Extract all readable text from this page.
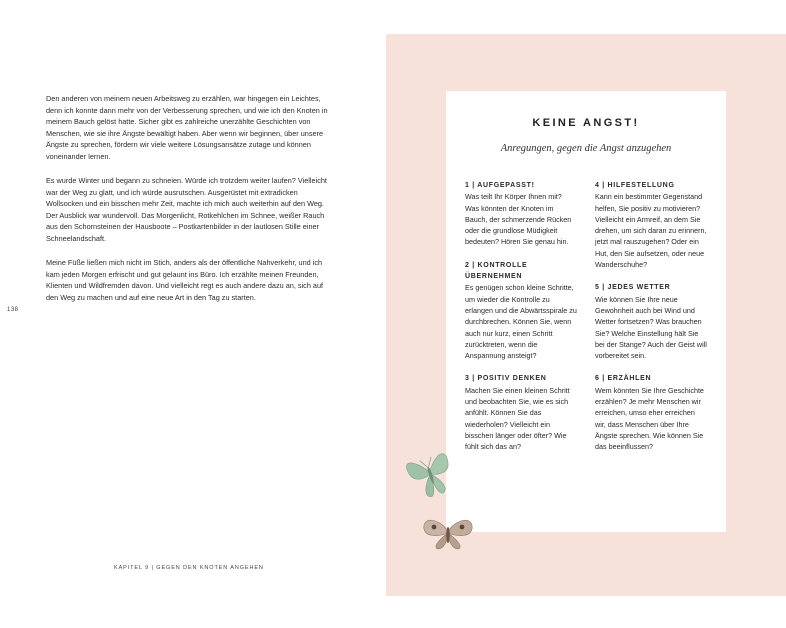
Den anderen von meinem neuen Arbeitsweg zu erzählen, war hingegen ein Leichtes, denn ich konnte dann mehr von der Verbesserung sprechen, und wie ich den Knoten in meinem Bauch gelöst hatte. Sicher gibt es zahlreiche unerzählte Geschichten von Menschen, wie sie ihre Ängste bewältigt haben. Aber wenn wir beginnen, über unsere Ängste zu sprechen, fördern wir viele weitere Lösungsansätze zutage und können voneinander lernen.

Es wurde Winter und begann zu schneien. Würde ich trotzdem weiter laufen? Vielleicht war der Weg zu glatt, und ich würde ausrutschen. Ausgerüstet mit extradicken Wollsocken und ein bisschen mehr Zeit, machte ich mich auch weiterhin auf den Weg. Der Ausblick war wundervoll. Das Morgenlicht, Rotkehlchen im Schnee, weißer Rauch aus den Schornsteinen der Hausboote – Postkartenbilder in der lautlosen Stille einer Schneelandschaft.

Meine Füße ließen mich nicht im Stich, anders als der öffentliche Nahverkehr, und ich kam jeden Morgen erfrischt und gut gelaunt ins Büro. Ich erzählte meinen Freunden, Klienten und Wildfremden davon. Und vielleicht regt es auch andere dazu an, sich auf den Weg zu machen und auf eine neue Art in den Tag zu starten.

138
KAPITEL 9 | GEGEN DEN KNOTEN ANGEHEN
KEINE ANGST!
Anregungen, gegen die Angst anzugehen
1 | AUFGEPASST!

Was teilt Ihr Körper Ihnen mit? Was könnten der Knoten im Bauch, der schmerzende Rücken oder die grundlose Müdigkeit bedeuten? Hören Sie genau hin.

2 | KONTROLLE ÜBERNEHMEN

Es genügen schon kleine Schritte, um wieder die Kontrolle zu erlangen und die Abwärtsspirale zu durchbrechen. Können Sie, wenn auch nur kurz, einen Schritt zurücktreten, wenn die Anspannung ansteigt?

3 | POSITIV DENKEN

Machen Sie einen kleinen Schritt und beobachten Sie, wie es sich anfühlt. Können Sie das wiederholen? Vielleicht ein bisschen länger oder öfter? Wie fühlt sich das an?

4 | HILFESTELLUNG

Kann ein bestimmter Gegenstand helfen, Sie positiv zu motivieren? Vielleicht ein Armreif, an dem Sie drehen, um sich daran zu erinnern, jetzt mal rauszugehen? Oder ein Hut, den Sie aufsetzen, oder neue Wanderschuhe?

5 | JEDES WETTER

Wie können Sie Ihre neue Gewohnheit auch bei Wind und Wetter fortsetzen? Was brauchen Sie? Welche Einstellung hält Sie bei der Stange? Auch der Geist will vorbereitet sein.

6 | ERZÄHLEN

Wem könnten Sie Ihre Geschichte erzählen? Je mehr Menschen wir erreichen, umso eher erreichen wir, dass Menschen über Ihre Ängste sprechen. Wie können Sie das beeinflussen?
